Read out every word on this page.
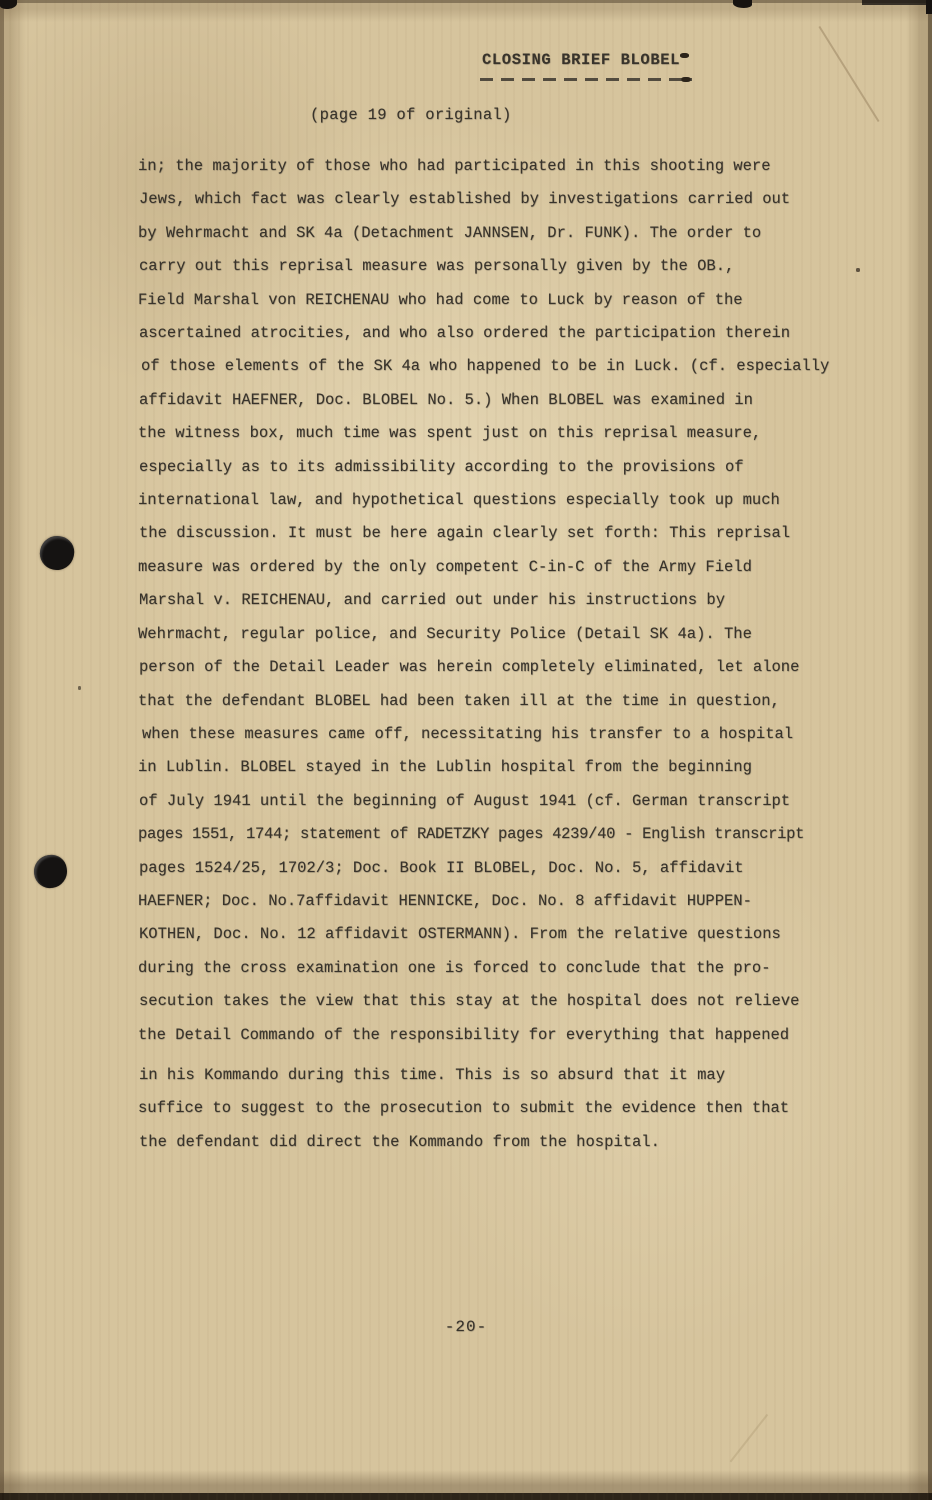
CLOSING BRIEF BLOBEL
(page 19 of original)
in; the majority of those who had participated in this shooting were
Jews, which fact was clearly established by investigations carried out
by Wehrmacht and SK 4a (Detachment JANNSEN, Dr. FUNK). The order to
carry out this reprisal measure was personally given by the OB.,
Field Marshal von REICHENAU who had come to Luck by reason of the
ascertained atrocities, and who also ordered the participation therein
of those elements of the SK 4a who happened to be in Luck. (cf. especially
affidavit HAEFNER, Doc. BLOBEL No. 5.) When BLOBEL was examined in
the witness box, much time was spent just on this reprisal measure,
especially as to its admissibility according to the provisions of
international law, and hypothetical questions especially took up much
the discussion. It must be here again clearly set forth: This reprisal
measure was ordered by the only competent C-in-C of the Army Field
Marshal v. REICHENAU, and carried out under his instructions by
Wehrmacht, regular police, and Security Police (Detail SK 4a). The
person of the Detail Leader was herein completely eliminated, let alone
that the defendant BLOBEL had been taken ill at the time in question,
when these measures came off, necessitating his transfer to a hospital
in Lublin. BLOBEL stayed in the Lublin hospital from the beginning
of July 1941 until the beginning of August 1941 (cf. German transcript
pages 1551, 1744; statement of RADETZKY pages 4239/40 - English transcript
pages 1524/25, 1702/3; Doc. Book II BLOBEL, Doc. No. 5, affidavit
HAEFNER; Doc. No.7affidavit HENNICKE, Doc. No. 8 affidavit HUPPEN-
KOTHEN, Doc. No. 12 affidavit OSTERMANN). From the relative questions
during the cross examination one is forced to conclude that the pro-
secution takes the view that this stay at the hospital does not relieve
the Detail Commando of the responsibility for everything that happened
in his Kommando during this time. This is so absurd that it may
suffice to suggest to the prosecution to submit the evidence then that
the defendant did direct the Kommando from the hospital.
-20-
